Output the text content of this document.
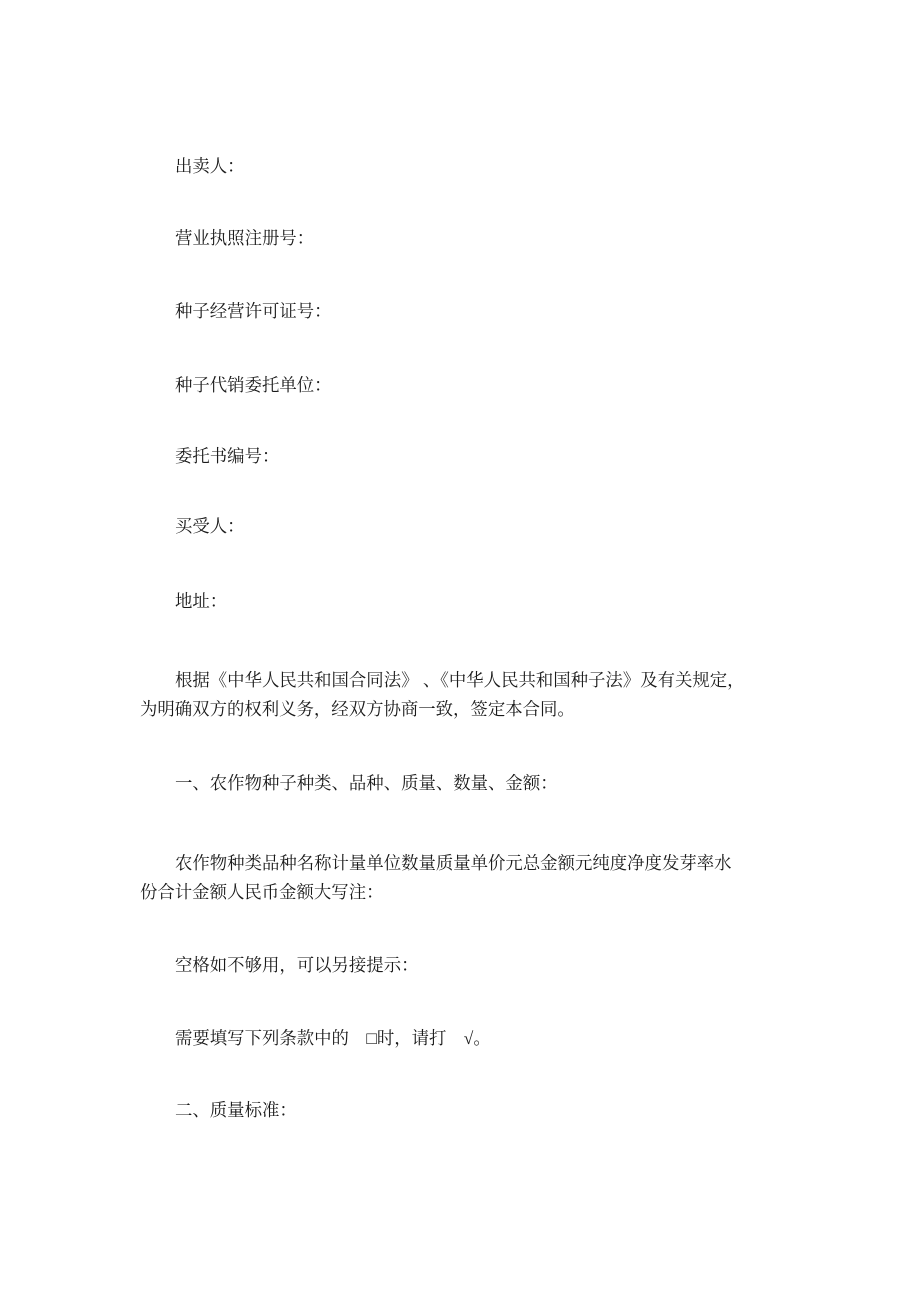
出卖人：

营业执照注册号：

种子经营许可证号：

种子代销委托单位：

委托书编号：

买受人：

地址：

根据《中华人民共和国合同法》 、《中华人民共和国种子法》及有关规定，
为明确双方的权利义务，经双方协商一致，签定本合同。

一、农作物种子种类、品种、质量、数量、金额：

农作物种类品种名称计量单位数量质量单价元总金额元纯度净度发芽率水
份合计金额人民币金额大写注：

空格如不够用，可以另接提示：

需要填写下列条款中的　□时，请打　√。

二、质量标准：
